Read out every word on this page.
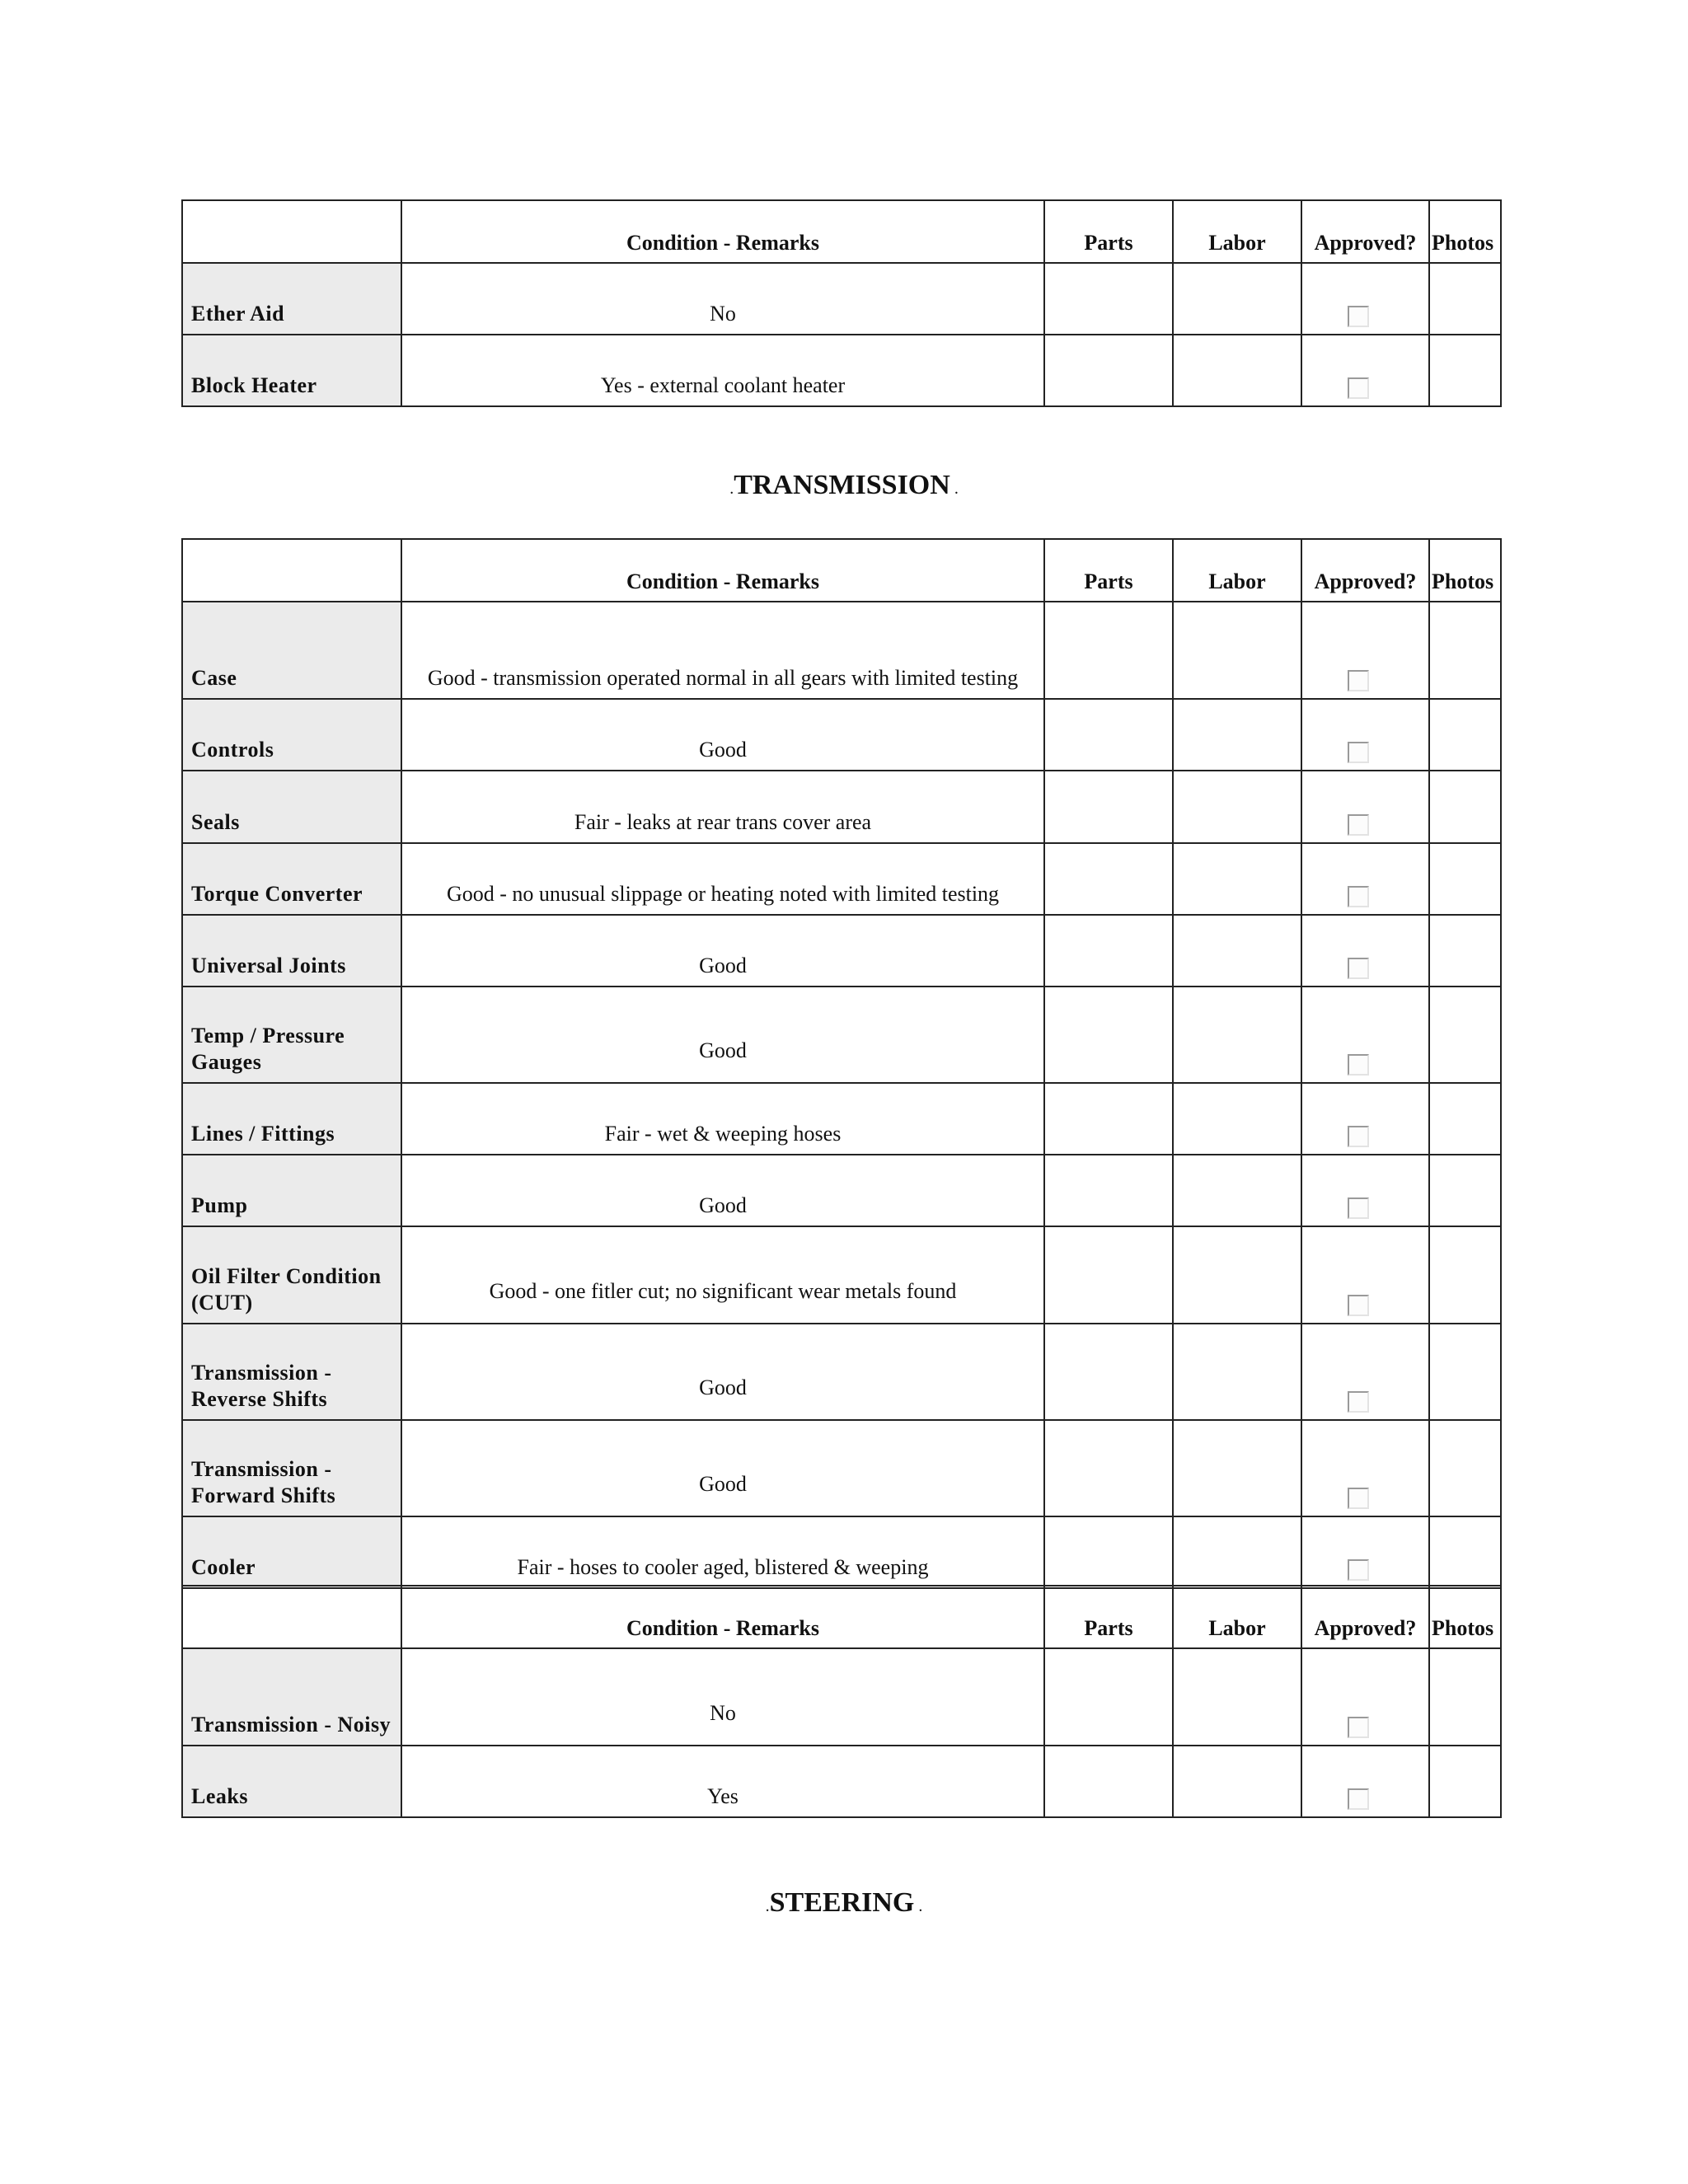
	Condition - Remarks	Parts	Labor	Approved?	Photos
Ether Aid	No			

Block Heater	Yes - external coolant heater			

.TRANSMISSION .
	Condition - Remarks	Parts	Labor	Approved?	Photos
Case	Good - transmission operated normal in all gears with limited testing			

Controls	Good			

Seals	Fair - leaks at rear trans cover area			

Torque Converter	Good - no unusual slippage or heating noted with limited testing			

Universal Joints	Good			

Temp / Pressure Gauges	Good			

Lines / Fittings	Fair - wet & weeping hoses			

Pump	Good			

Oil Filter Condition (CUT)	Good - one fitler cut; no significant wear metals found			

Transmission - Reverse Shifts	Good			

Transmission - Forward Shifts	Good			

Cooler	Fair - hoses to cooler aged, blistered & weeping			

	Condition - Remarks	Parts	Labor	Approved?	Photos
Transmission - Noisy	No			

Leaks	Yes			

.STEERING .
